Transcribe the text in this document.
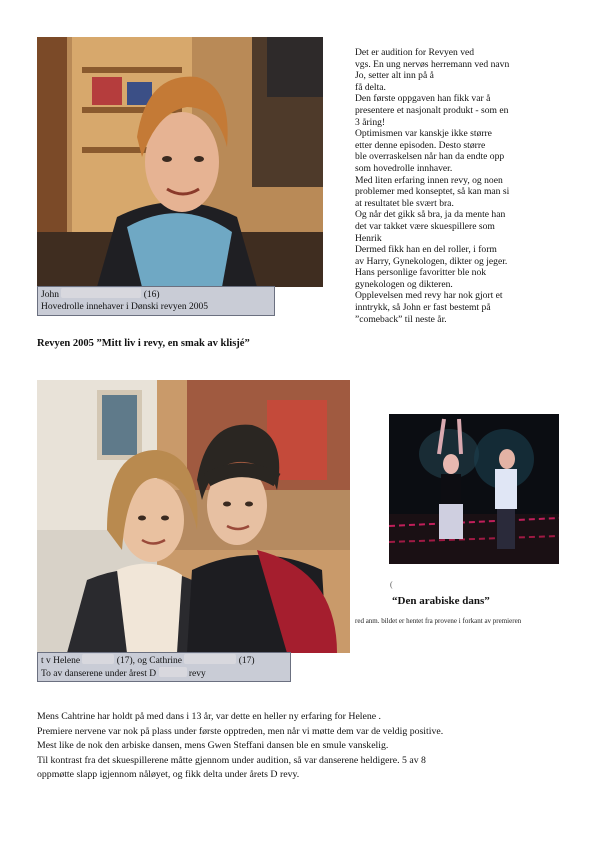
John	(16)
Hovedrolle innehaver i Dønski revyen 2005

Det er audition for Revyen ved

vgs. En ung nervøs herremann ved navn

Jo, setter alt inn på å

få delta.

Den første oppgaven han fikk var å

presentere et nasjonalt produkt - som en

3 åring!

Optimismen var kanskje ikke større

etter denne episoden. Desto større

ble overraskelsen når han da endte opp

som hovedrolle innhaver.

Med liten erfaring innen revy, og noen

problemer med konseptet, så kan man si

at resultatet ble svært bra.

Og når det gikk så bra, ja da mente han

det var takket være skuespillere som

Henrik

Dermed fikk han en del roller, i form

av Harry, Gynekologen, dikter og jeger.

Hans personlige favoritter ble nok

gynekologen og dikteren.

Opplevelsen med revy har nok gjort et

inntrykk, så John er fast bestemt på

”comeback” til neste år.

Revyen 2005 ”Mitt liv i revy, en smak av klisjé”
t v Helene	(17), og Cathrine	(17)
To av danserene under årest D	revy
(
“Den arabiske dans”
red anm. bildet er hentet fra provene i forkant av premieren

Mens Cahtrine har holdt på med dans i 13 år, var dette en heller ny erfaring for Helene .

Premiere nervene var nok på plass under første opptreden, men når vi møtte dem var de veldig positive.

Mest like de nok den arbiske dansen, mens Gwen Steffani dansen ble en smule vanskelig.

Til kontrast fra det skuespillerene måtte gjennom under audition, så var danserene heldigere. 5 av 8

oppmøtte slapp igjennom nåløyet, og fikk delta under årets D revy.
